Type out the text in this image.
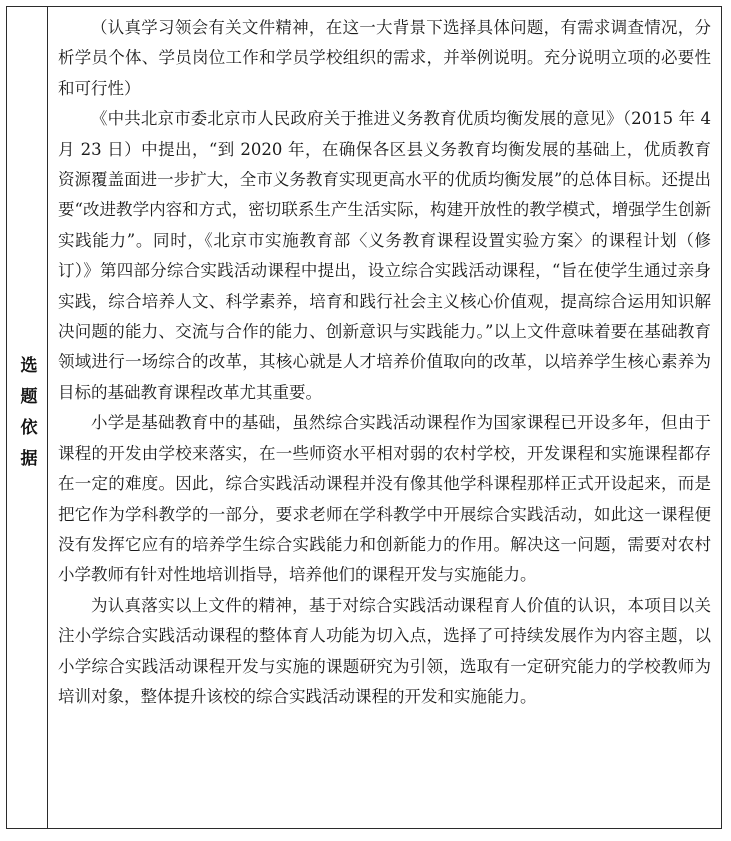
选题依据

（认真学习领会有关文件精神，在这一大背景下选择具体问题，有需求调查情况，分析学员个体、学员岗位工作和学员学校组织的需求，并举例说明。充分说明立项的必要性和可行性）

《中共北京市委北京市人民政府关于推进义务教育优质均衡发展的意见》（2015 年 4 月 23 日）中提出，“到 2020 年，在确保各区县义务教育均衡发展的基础上，优质教育资源覆盖面进一步扩大，全市义务教育实现更高水平的优质均衡发展”的总体目标。还提出要“改进教学内容和方式，密切联系生产生活实际，构建开放性的教学模式，增强学生创新实践能力”。同时，《北京市实施教育部〈义务教育课程设置实验方案〉的课程计划（修订）》第四部分综合实践活动课程中提出，设立综合实践活动课程，“旨在使学生通过亲身实践，综合培养人文、科学素养，培育和践行社会主义核心价值观，提高综合运用知识解决问题的能力、交流与合作的能力、创新意识与实践能力。”以上文件意味着要在基础教育领域进行一场综合的改革，其核心就是人才培养价值取向的改革，以培养学生核心素养为目标的基础教育课程改革尤其重要。

小学是基础教育中的基础，虽然综合实践活动课程作为国家课程已开设多年，但由于课程的开发由学校来落实，在一些师资水平相对弱的农村学校，开发课程和实施课程都存在一定的难度。因此，综合实践活动课程并没有像其他学科课程那样正式开设起来，而是把它作为学科教学的一部分，要求老师在学科教学中开展综合实践活动，如此这一课程便没有发挥它应有的培养学生综合实践能力和创新能力的作用。解决这一问题，需要对农村小学教师有针对性地培训指导，培养他们的课程开发与实施能力。

为认真落实以上文件的精神，基于对综合实践活动课程育人价值的认识，本项目以关注小学综合实践活动课程的整体育人功能为切入点，选择了可持续发展作为内容主题，以小学综合实践活动课程开发与实施的课题研究为引领，选取有一定研究能力的学校教师为培训对象，整体提升该校的综合实践活动课程的开发和实施能力。
